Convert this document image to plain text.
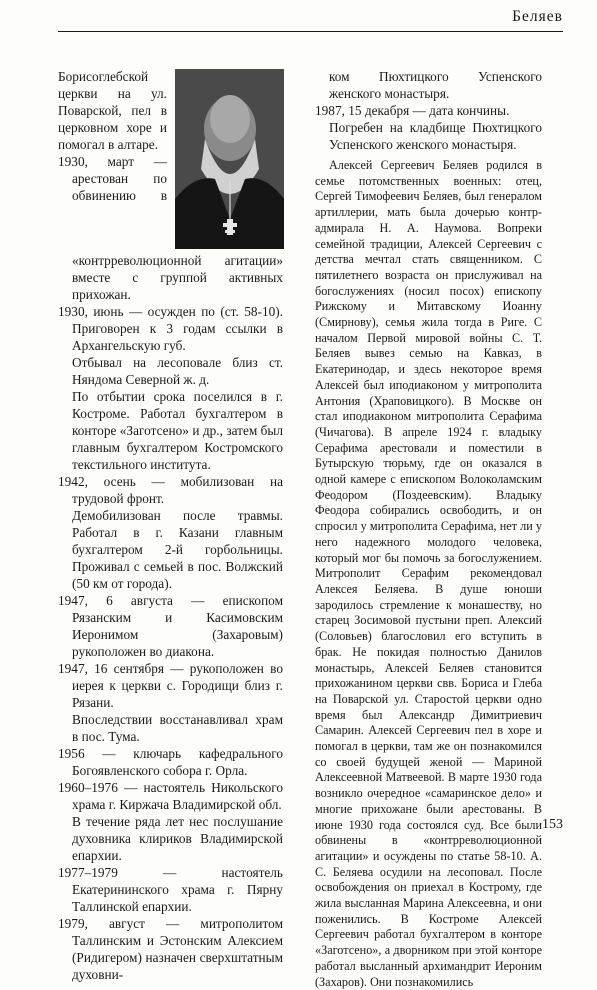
Беляев

Борисоглебской церкви на ул. Поварской, пел в церковном хоре и помогал в алтаре.

1930, март — арестован по обвинению в «контрреволюционной агитации» вместе с группой активных прихожан.

1930, июнь — осужден по (ст. 58-10). Приговорен к 3 годам ссылки в Архангельскую губ.

Отбывал на лесоповале близ ст. Няндома Северной ж. д.

По отбытии срока поселился в г. Костроме. Работал бухгалтером в конторе «Заготсено» и др., затем был главным бухгалтером Костромского текстильного института.

1942, осень — мобилизован на трудовой фронт.

Демобилизован после травмы. Работал в г. Казани главным бухгалтером 2-й горбольницы. Проживал с семьей в пос. Волжский (50 км от города).

1947, 6 августа — епископом Рязанским и Касимовским Иеронимом (Захаровым) рукоположен во диакона.

1947, 16 сентября — рукоположен во иерея к церкви с. Городищи близ г. Рязани.

Впоследствии восстанавливал храм в пос. Тума.

1956 — ключарь кафедрального Богоявленского собора г. Орла.

1960–1976 — настоятель Никольского храма г. Киржача Владимирской обл.

В течение ряда лет нес послушание духовника клириков Владимирской епархии.

1977–1979 — настоятель Екатерининского храма г. Пярну Таллинской епархии.

1979, август — митрополитом Таллинским и Эстонским Алексием (Ридигером) назначен сверхштатным духовни-

ком Пюхтицкого Успенского женского монастыря.

1987, 15 декабря — дата кончины.

Погребен на кладбище Пюхтицкого Успенского женского монастыря.

Алексей Сергеевич Беляев родился в семье потомственных военных: отец, Сергей Тимофеевич Беляев, был генералом артиллерии, мать была дочерью контр-адмирала Н. А. Наумова. Вопреки семейной традиции, Алексей Сергеевич с детства мечтал стать священником. С пятилетнего возраста он прислуживал на богослужениях (носил посох) епископу Рижскому и Митавскому Иоанну (Смирнову), семья жила тогда в Риге. С началом Первой мировой войны С. Т. Беляев вывез семью на Кавказ, в Екатеринодар, и здесь некоторое время Алексей был иподиаконом у митрополита Антония (Храповицкого). В Москве он стал иподиаконом митрополита Серафима (Чичагова). В апреле 1924 г. владыку Серафима арестовали и поместили в Бутырскую тюрьму, где он оказался в одной камере с епископом Волоколамским Феодором (Поздеевским). Владыку Феодора собирались освободить, и он спросил у митрополита Серафима, нет ли у него надежного молодого человека, который мог бы помочь за богослужением. Митрополит Серафим рекомендовал Алексея Беляева. В душе юноши зародилось стремление к монашеству, но старец Зосимовой пустыни преп. Алексий (Соловьев) благословил его вступить в брак. Не покидая полностью Данилов монастырь, Алексей Беляев становится прихожанином церкви свв. Бориса и Глеба на Поварской ул. Старостой церкви одно время был Александр Димитриевич Самарин. Алексей Сергеевич пел в хоре и помогал в церкви, там же он познакомился со своей будущей женой — Мариной Алексеевной Матвеевой. В марте 1930 года возникло очередное «самаринское дело» и многие прихожане были арестованы. В июне 1930 года состоялся суд. Все были обвинены в «контрреволюционной агитации» и осуждены по статье 58-10. А. С. Беляева осудили на лесоповал. После освобождения он приехал в Кострому, где жила высланная Марина Алексеевна, и они поженились. В Костроме Алексей Сергеевич работал бухгалтером в конторе «Заготсено», а дворником при этой конторе работал высланный архимандрит Иероним (Захаров). Они познакомились

153
